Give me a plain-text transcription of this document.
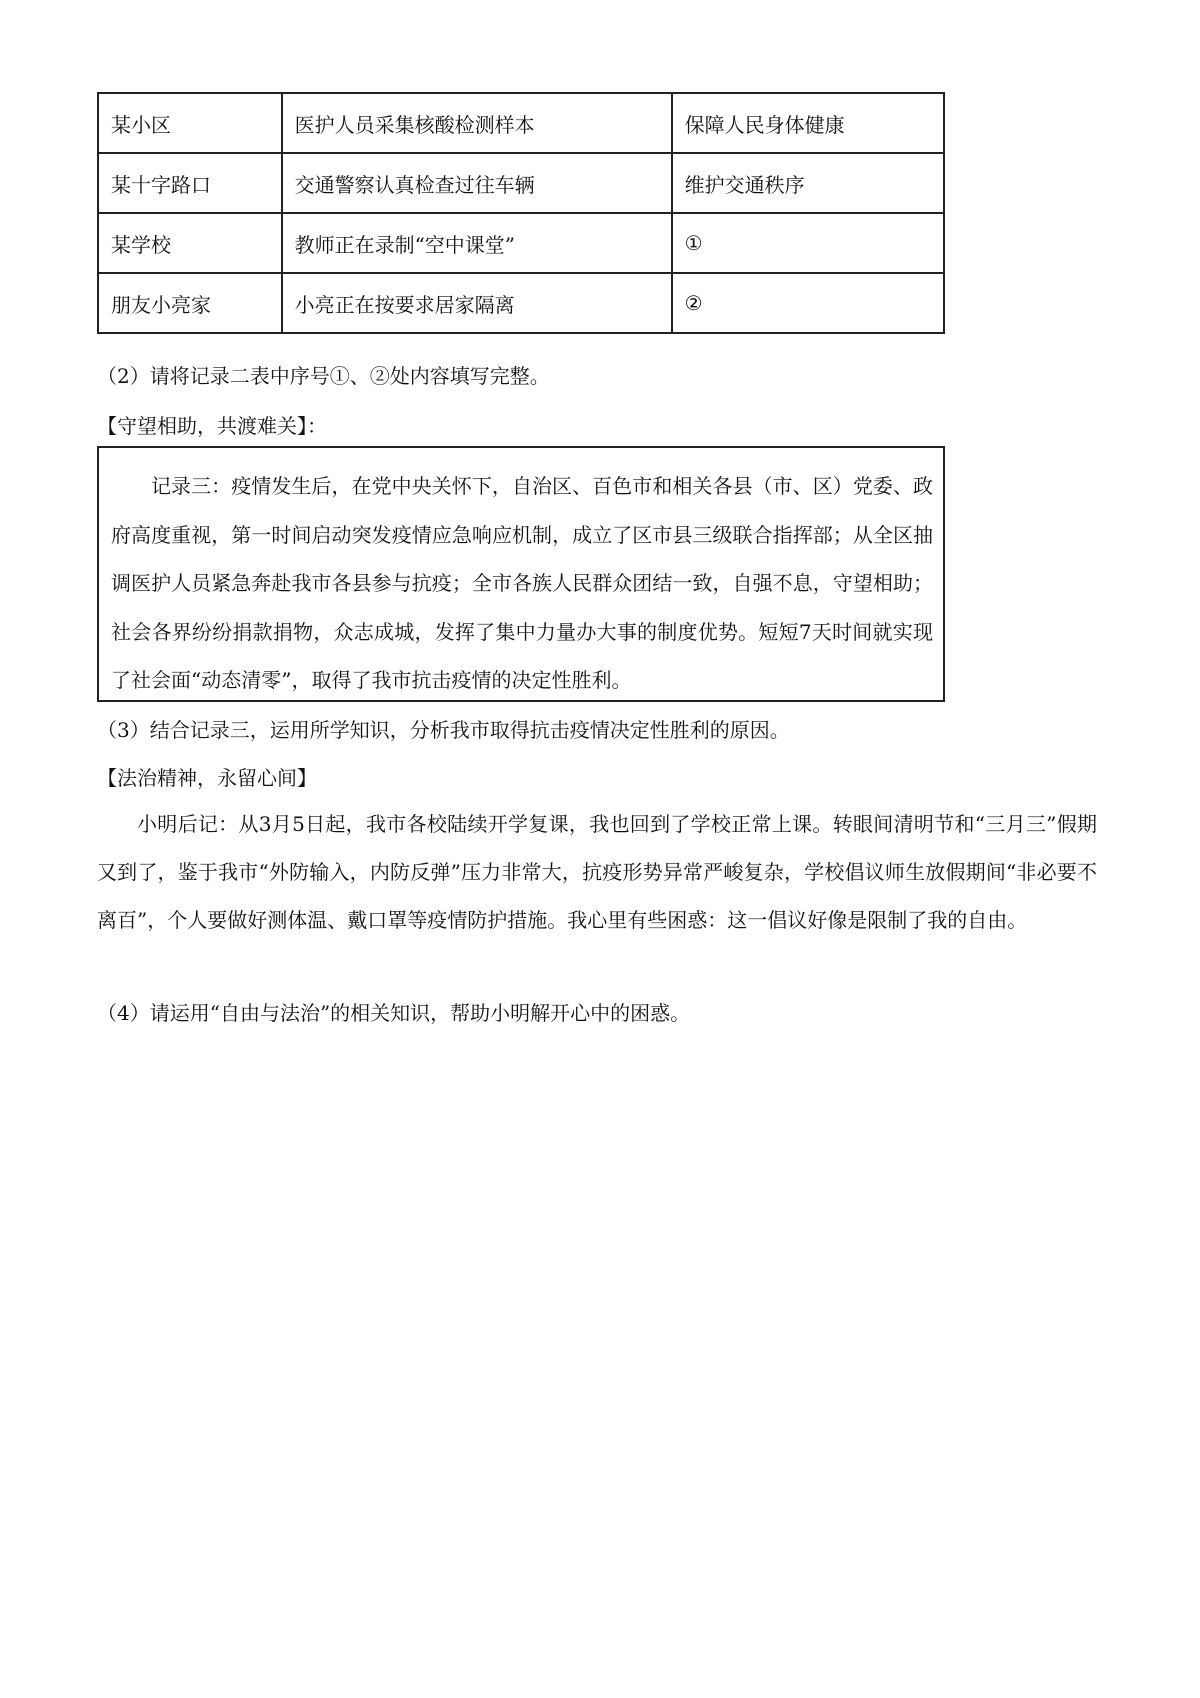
某小区	医护人员采集核酸检测样本	保障人民身体健康
某十字路口	交通警察认真检查过往车辆	维护交通秩序
某学校	教师正在录制“空中课堂”	①
朋友小亮家	小亮正在按要求居家隔离	②
（2）请将记录二表中序号①、②处内容填写完整。
【守望相助，共渡难关】：

记录三：疫情发生后，在党中央关怀下，自治区、百色市和相关各县（市、区）党委、政府高度重视，第一时间启动突发疫情应急响应机制，成立了区市县三级联合指挥部；从全区抽调医护人员紧急奔赴我市各县参与抗疫；全市各族人民群众团结一致，自强不息，守望相助；社会各界纷纷捐款捐物，众志成城，发挥了集中力量办大事的制度优势。短短7天时间就实现了社会面“动态清零”，取得了我市抗击疫情的决定性胜利。

（3）结合记录三，运用所学知识，分析我市取得抗击疫情决定性胜利的原因。
【法治精神，永留心间】

小明后记：从3月5日起，我市各校陆续开学复课，我也回到了学校正常上课。转眼间清明节和“三月三”假期又到了，鉴于我市“外防输入，内防反弹”压力非常大，抗疫形势异常严峻复杂，学校倡议师生放假期间“非必要不离百”，个人要做好测体温、戴口罩等疫情防护措施。我心里有些困惑：这一倡议好像是限制了我的自由。

（4）请运用“自由与法治”的相关知识，帮助小明解开心中的困惑。
